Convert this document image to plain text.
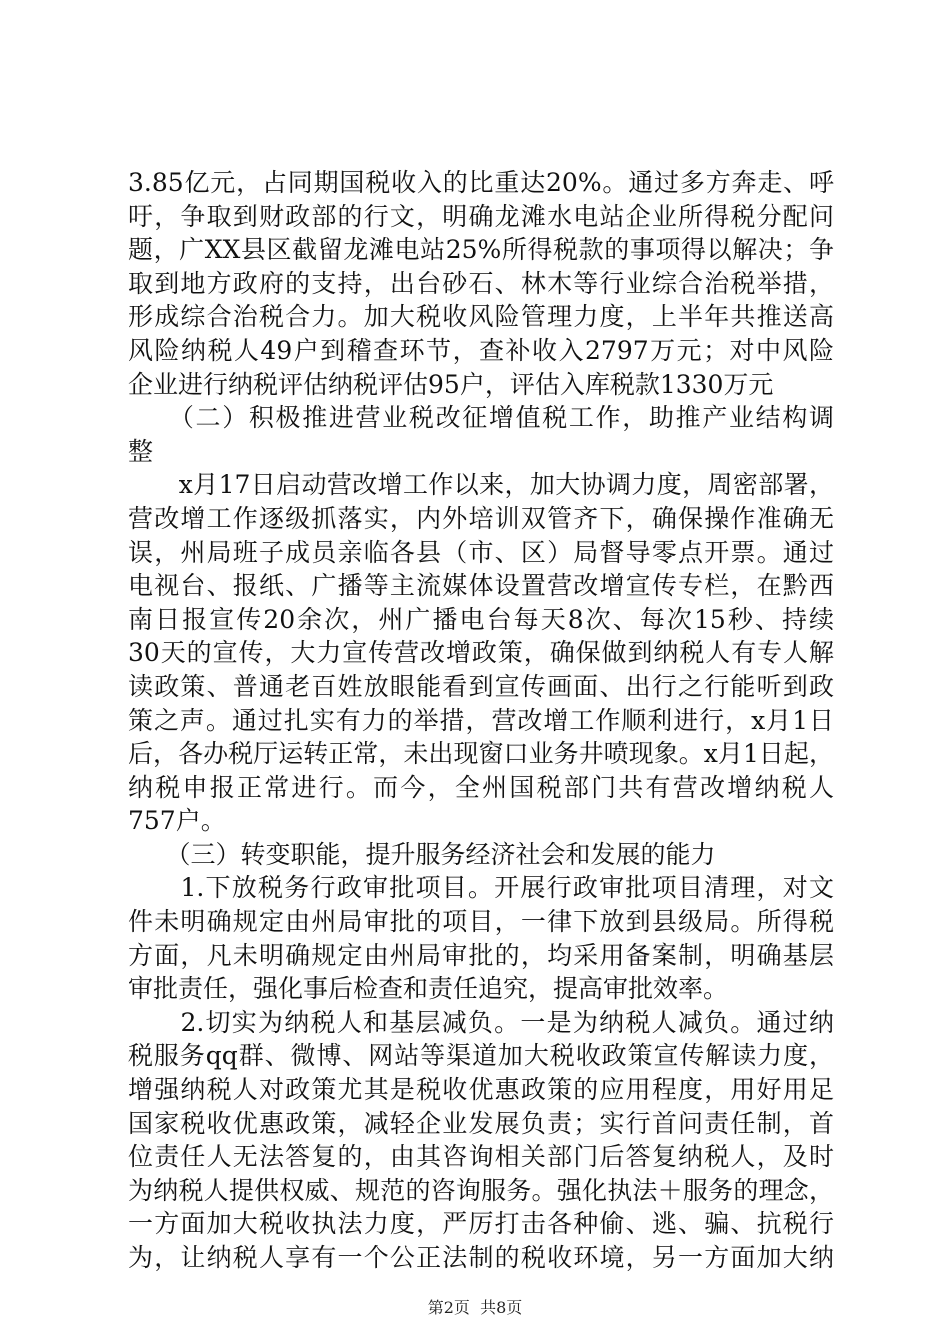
3.85亿元，占同期国税收入的比重达20%。通过多方奔走、呼
吁，争取到财政部的行文，明确龙滩水电站企业所得税分配问
题，广XX县区截留龙滩电站25%所得税款的事项得以解决；争
取到地方政府的支持，出台砂石、林木等行业综合治税举措，
形成综合治税合力。加大税收风险管理力度，上半年共推送高
风险纳税人49户到稽查环节，查补收入2797万元；对中风险
企业进行纳税评估纳税评估95户，评估入库税款1330万元
　　（二）积极推进营业税改征增值税工作，助推产业结构调
整
　　x月17日启动营改增工作以来，加大协调力度，周密部署，
营改增工作逐级抓落实，内外培训双管齐下，确保操作准确无
误，州局班子成员亲临各县（市、区）局督导零点开票。通过
电视台、报纸、广播等主流媒体设置营改增宣传专栏，在黔西
南日报宣传20余次，州广播电台每天8次、每次15秒、持续
30天的宣传，大力宣传营改增政策，确保做到纳税人有专人解
读政策、普通老百姓放眼能看到宣传画面、出行之行能听到政
策之声。通过扎实有力的举措，营改增工作顺利进行，x月1日
后，各办税厅运转正常，未出现窗口业务井喷现象。x月1日起，
纳税申报正常进行。而今，全州国税部门共有营改增纳税人
757户。
　　（三）转变职能，提升服务经济社会和发展的能力
　　1.下放税务行政审批项目。开展行政审批项目清理，对文
件未明确规定由州局审批的项目，一律下放到县级局。所得税
方面，凡未明确规定由州局审批的，均采用备案制，明确基层
审批责任，强化事后检查和责任追究，提高审批效率。
　　2.切实为纳税人和基层减负。一是为纳税人减负。通过纳
税服务qq群、微博、网站等渠道加大税收政策宣传解读力度，
增强纳税人对政策尤其是税收优惠政策的应用程度，用好用足
国家税收优惠政策，减轻企业发展负责；实行首问责任制，首
位责任人无法答复的，由其咨询相关部门后答复纳税人，及时
为纳税人提供权威、规范的咨询服务。强化执法＋服务的理念，
一方面加大税收执法力度，严厉打击各种偷、逃、骗、抗税行
为，让纳税人享有一个公正法制的税收环境，另一方面加大纳
第2页  共8页
